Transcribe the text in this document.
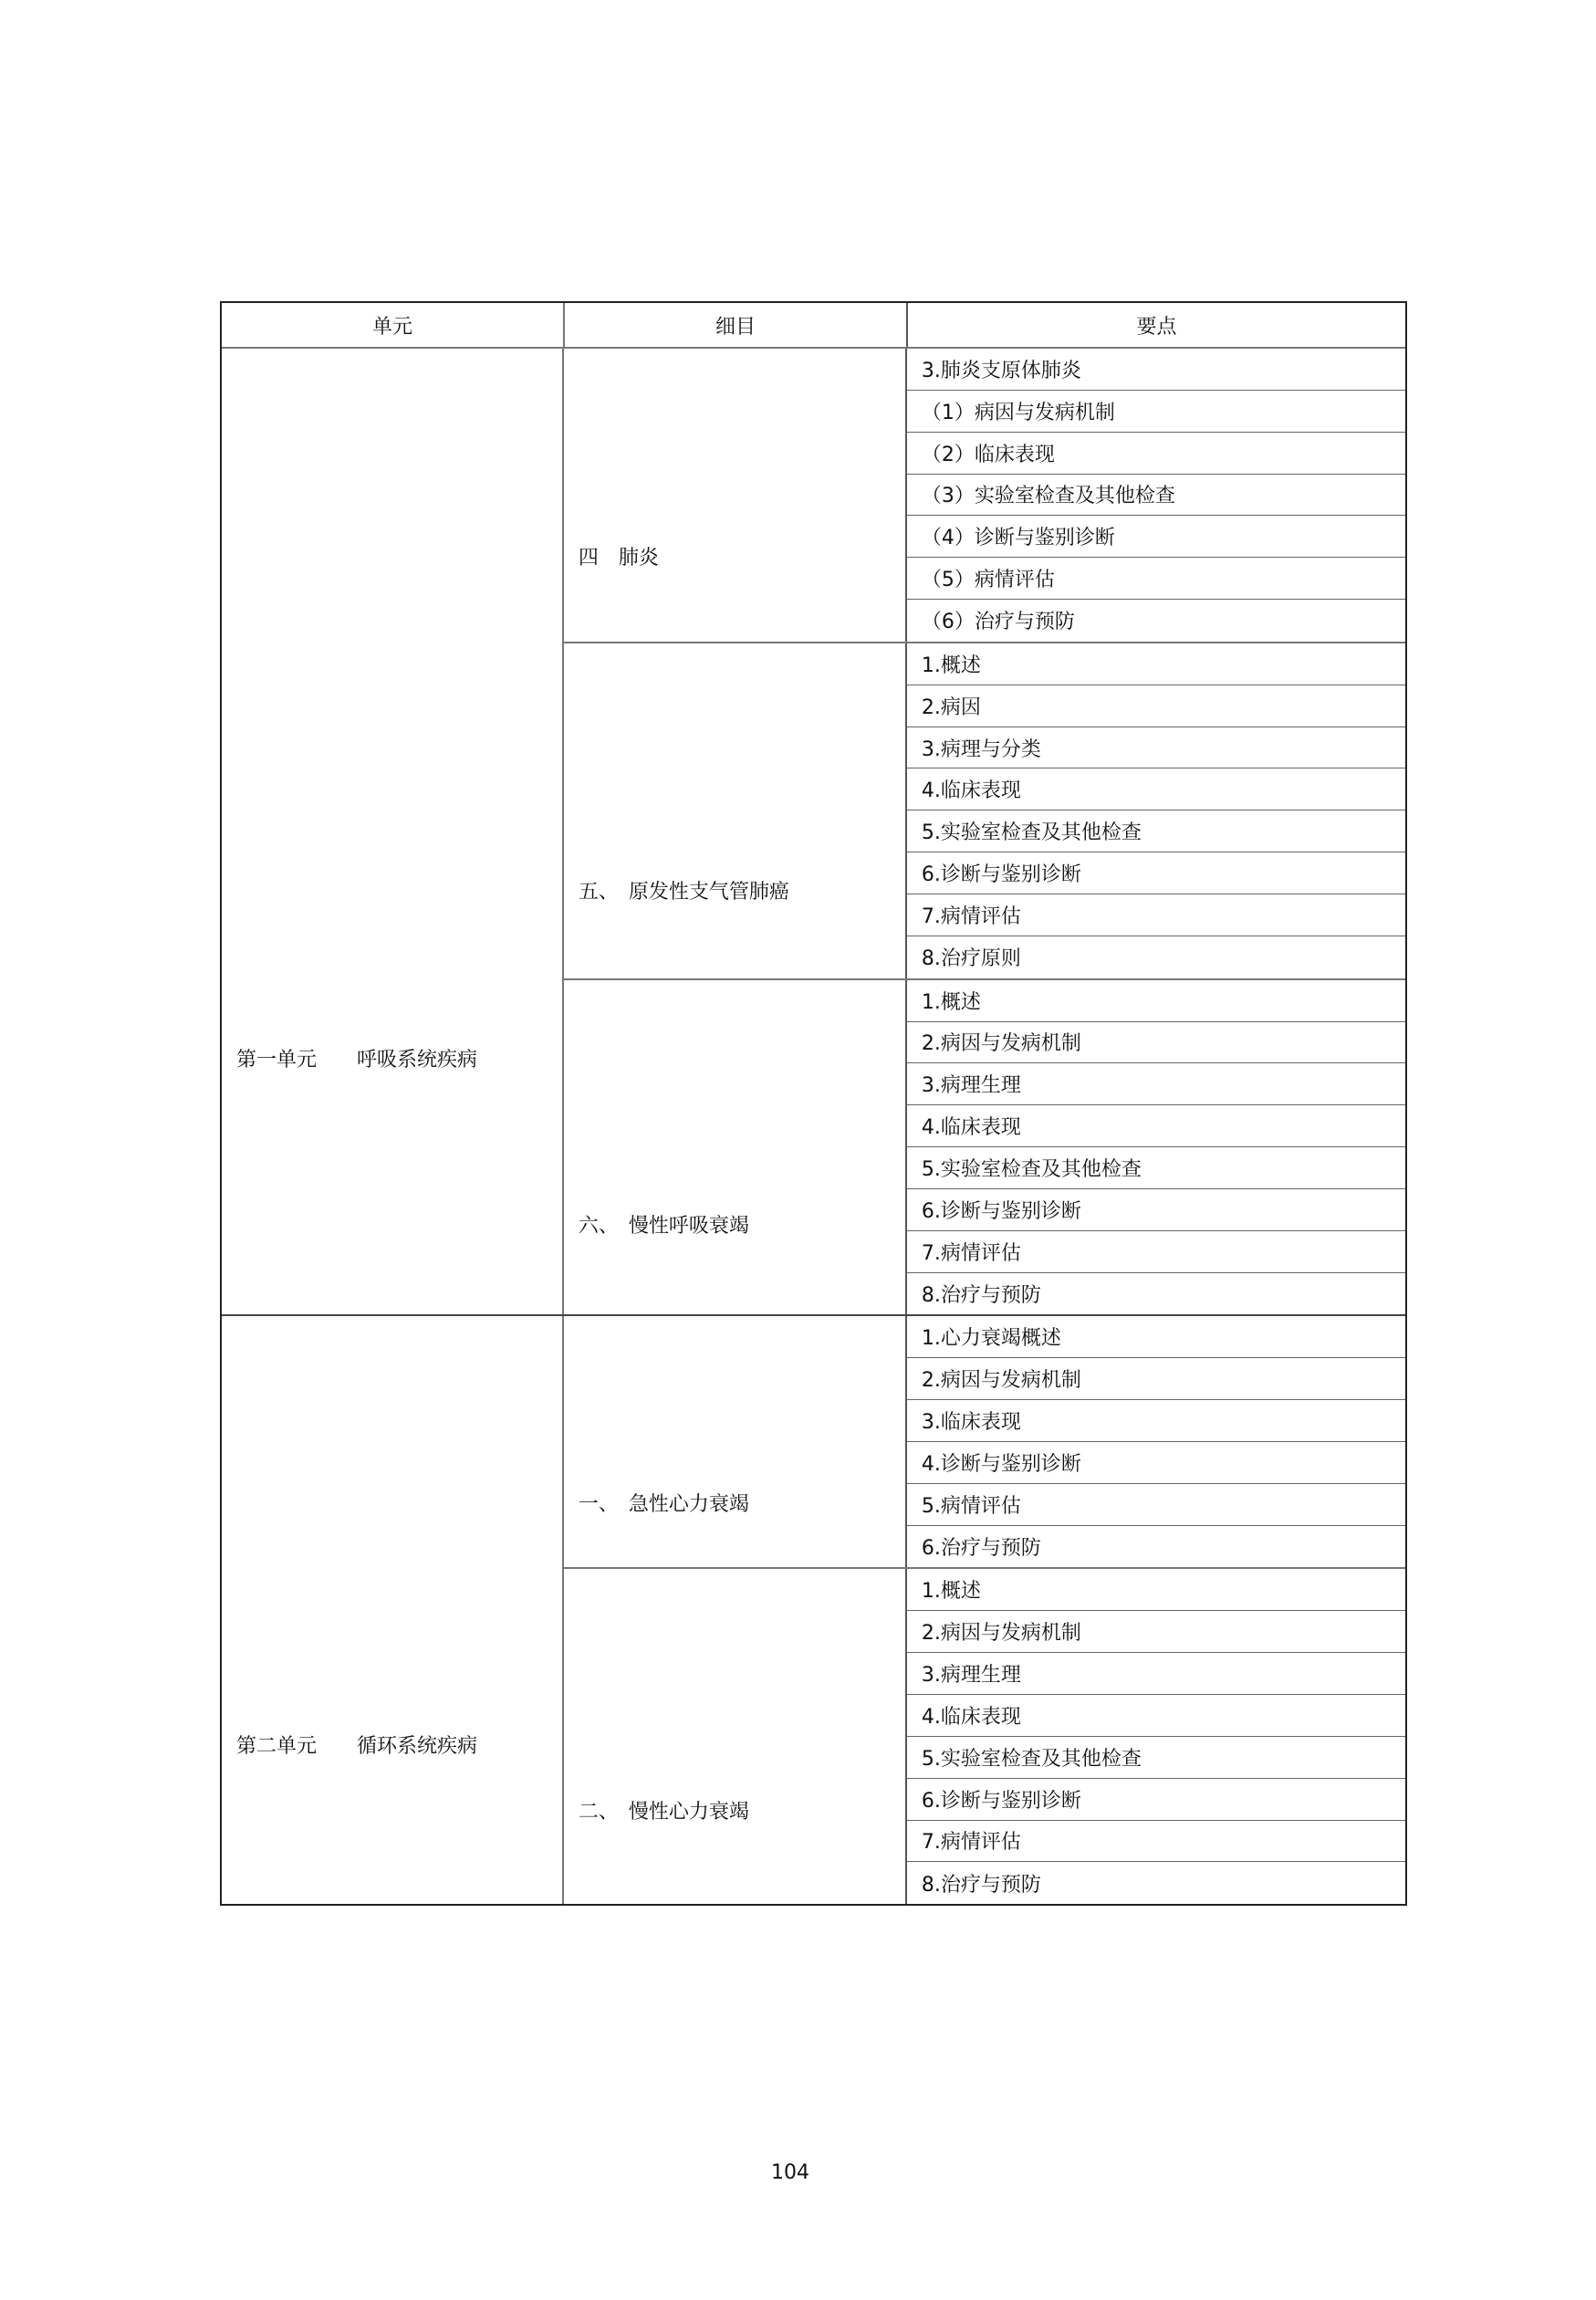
单元	细目	要点
第一单元　　呼吸系统疾病
四　肺炎
3.肺炎支原体肺炎
（1）病因与发病机制
（2）临床表现
（3）实验室检查及其他检查
（4）诊断与鉴别诊断
（5）病情评估
（6）治疗与预防
五、　原发性支气管肺癌
1.概述
2.病因
3.病理与分类
4.临床表现
5.实验室检查及其他检查
6.诊断与鉴别诊断
7.病情评估
8.治疗原则
六、　慢性呼吸衰竭
1.概述
2.病因与发病机制
3.病理生理
4.临床表现
5.实验室检查及其他检查
6.诊断与鉴别诊断
7.病情评估
8.治疗与预防
第二单元　　循环系统疾病
一、　急性心力衰竭
1.心力衰竭概述
2.病因与发病机制
3.临床表现
4.诊断与鉴别诊断
5.病情评估
6.治疗与预防
二、　慢性心力衰竭
1.概述
2.病因与发病机制
3.病理生理
4.临床表现
5.实验室检查及其他检查
6.诊断与鉴别诊断
7.病情评估
8.治疗与预防
104
